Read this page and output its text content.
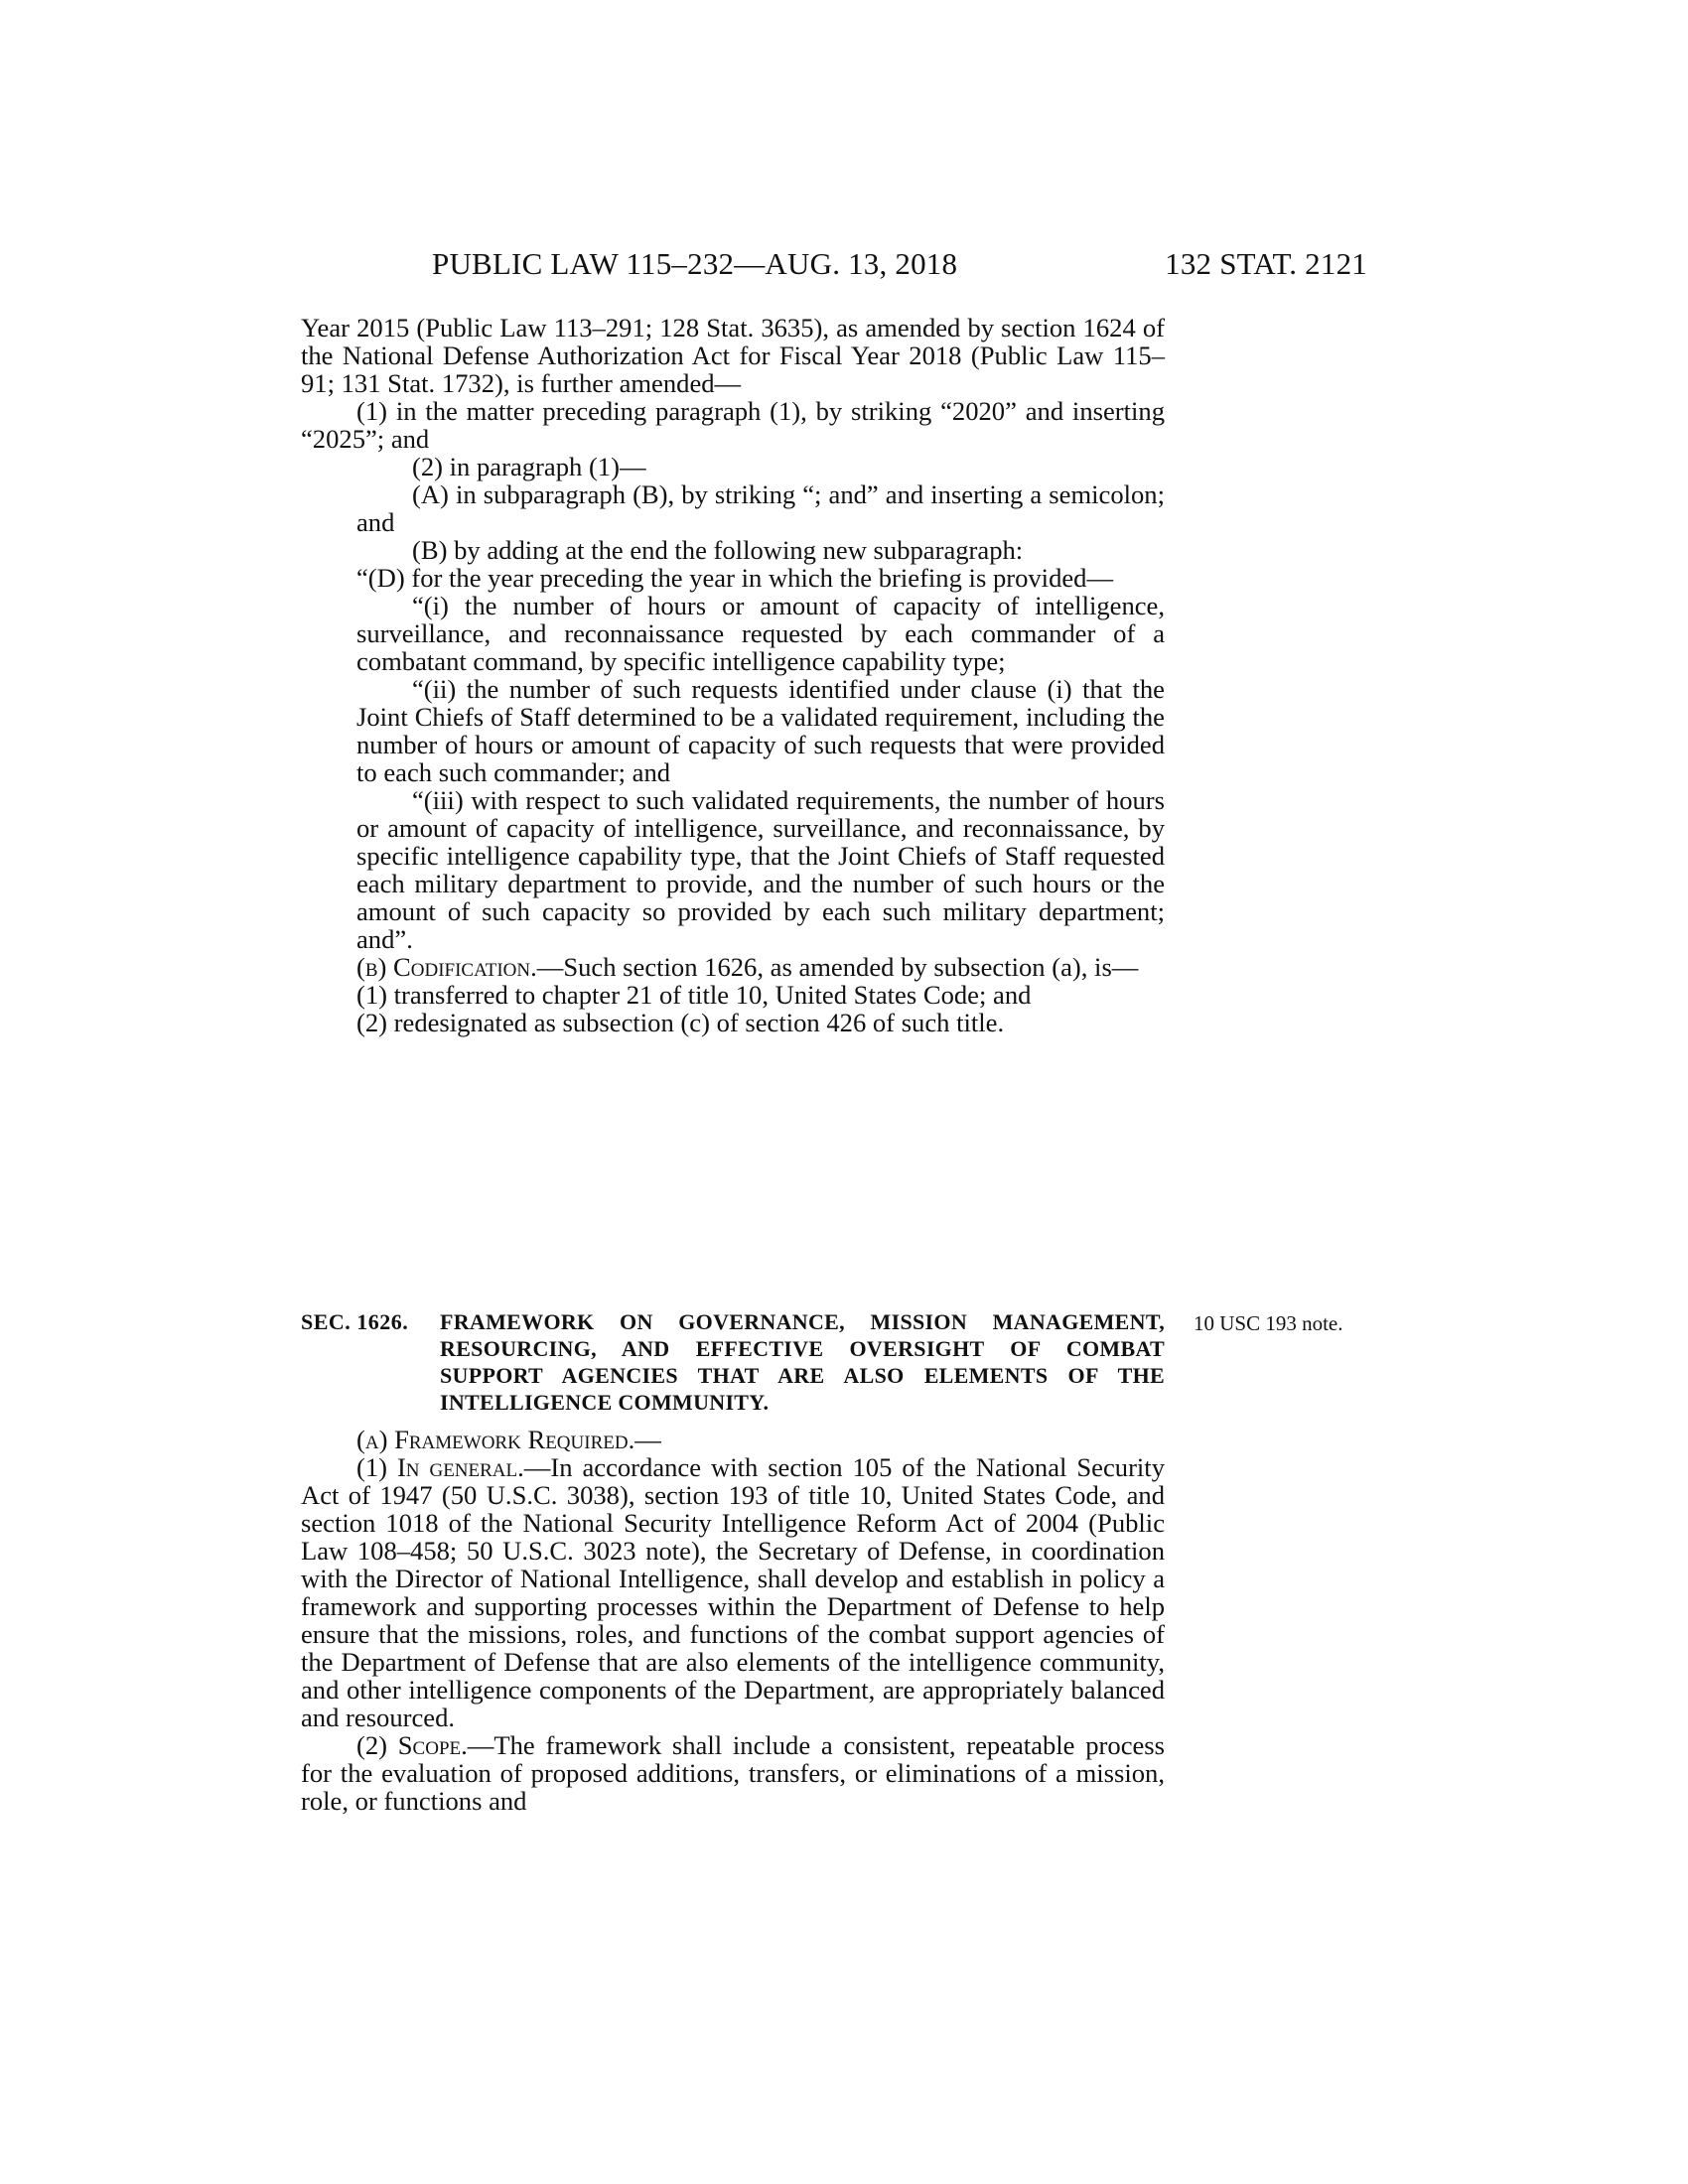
PUBLIC LAW 115–232—AUG. 13, 2018	132 STAT. 2121

Year 2015 (Public Law 113–291; 128 Stat. 3635), as amended by section 1624 of the National Defense Authorization Act for Fiscal Year 2018 (Public Law 115–91; 131 Stat. 1732), is further amended—

(1) in the matter preceding paragraph (1), by striking “2020” and inserting “2025”; and

(2) in paragraph (1)—

(A) in subparagraph (B), by striking “; and” and inserting a semicolon; and

(B) by adding at the end the following new subparagraph:

“(D) for the year preceding the year in which the briefing is provided—

“(i) the number of hours or amount of capacity of intelligence, surveillance, and reconnaissance requested by each commander of a combatant command, by specific intelligence capability type;

“(ii) the number of such requests identified under clause (i) that the Joint Chiefs of Staff determined to be a validated requirement, including the number of hours or amount of capacity of such requests that were provided to each such commander; and

“(iii) with respect to such validated requirements, the number of hours or amount of capacity of intelligence, surveillance, and reconnaissance, by specific intelligence capability type, that the Joint Chiefs of Staff requested each military department to provide, and the number of such hours or the amount of such capacity so provided by each such military department; and”.

(b) Codification.—Such section 1626, as amended by subsection (a), is—

(1) transferred to chapter 21 of title 10, United States Code; and

(2) redesignated as subsection (c) of section 426 of such title.

SEC. 1626. FRAMEWORK ON GOVERNANCE, MISSION MANAGEMENT, RESOURCING, AND EFFECTIVE OVERSIGHT OF COMBAT SUPPORT AGENCIES THAT ARE ALSO ELEMENTS OF THE INTELLIGENCE COMMUNITY.
10 USC 193 note.

(a) Framework Required.—

(1) In general.—In accordance with section 105 of the National Security Act of 1947 (50 U.S.C. 3038), section 193 of title 10, United States Code, and section 1018 of the National Security Intelligence Reform Act of 2004 (Public Law 108–458; 50 U.S.C. 3023 note), the Secretary of Defense, in coordination with the Director of National Intelligence, shall develop and establish in policy a framework and supporting processes within the Department of Defense to help ensure that the missions, roles, and functions of the combat support agencies of the Department of Defense that are also elements of the intelligence community, and other intelligence components of the Department, are appropriately balanced and resourced.

(2) Scope.—The framework shall include a consistent, repeatable process for the evaluation of proposed additions, transfers, or eliminations of a mission, role, or functions and
